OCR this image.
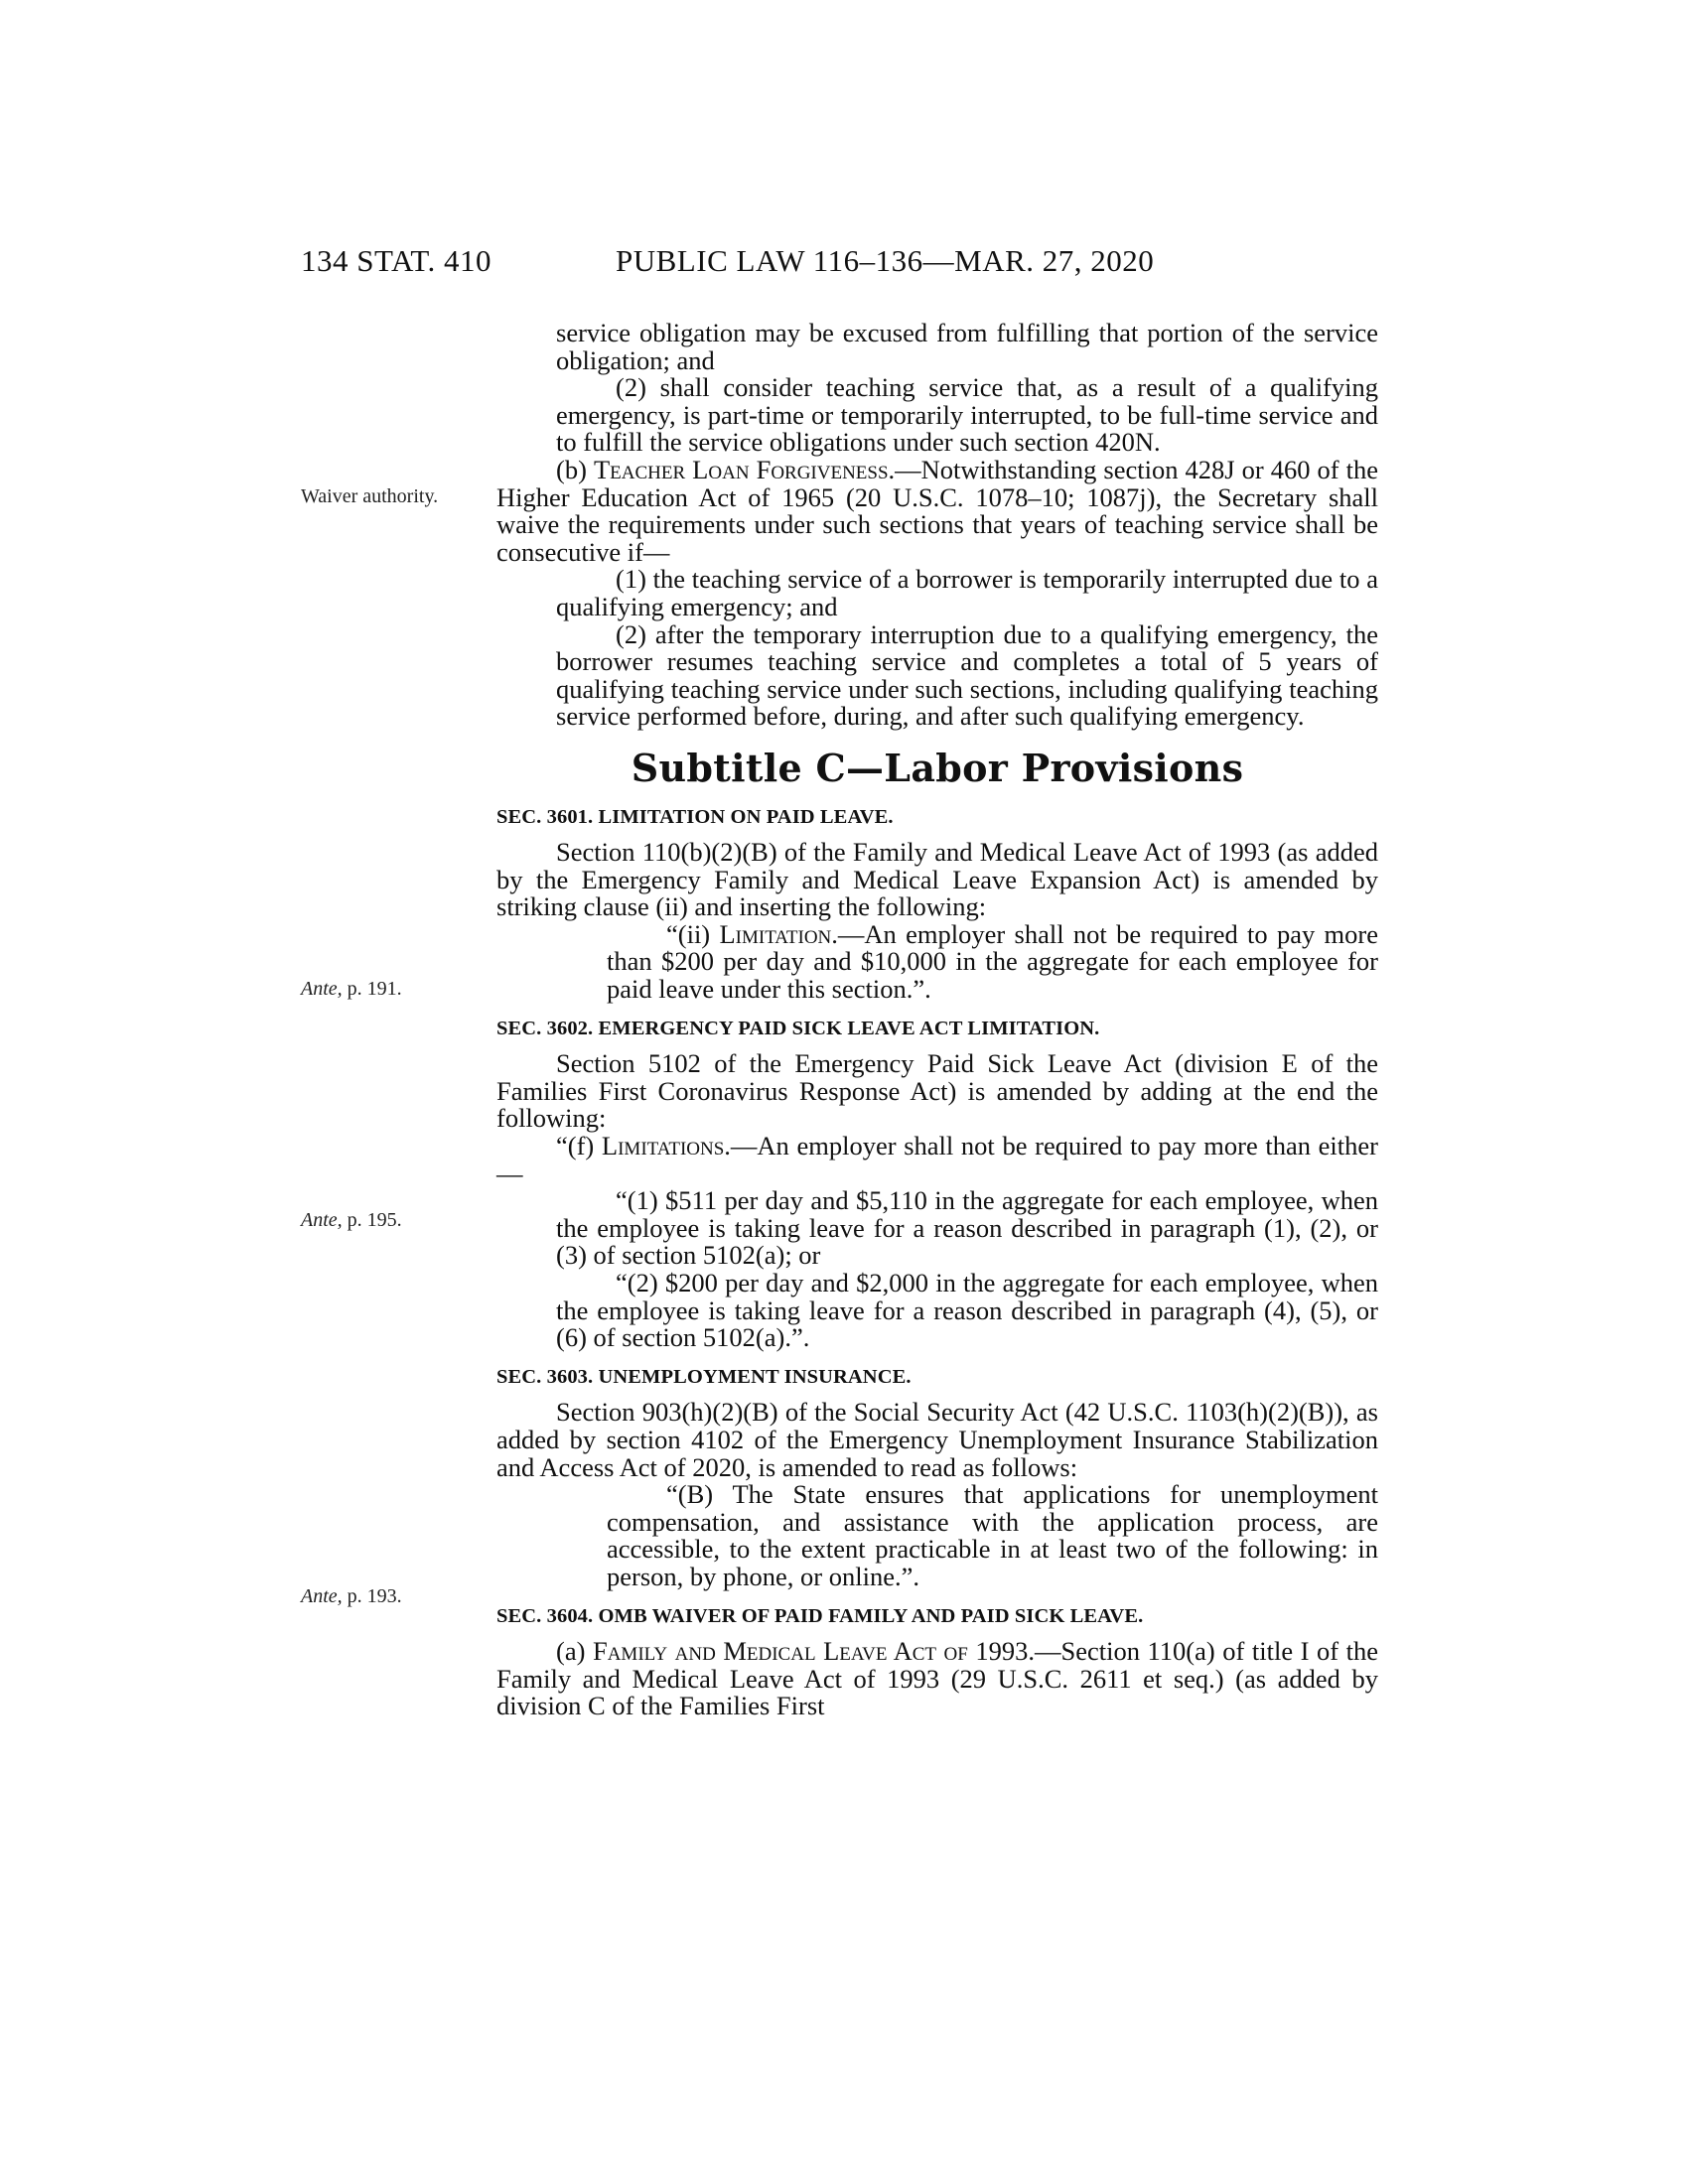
134 STAT. 410	PUBLIC LAW 116–136—MAR. 27, 2020
Waiver authority.
Ante, p. 191.
Ante, p. 195.
Ante, p. 193.

service obligation may be excused from fulfilling that portion of the service obligation; and

(2) shall consider teaching service that, as a result of a qualifying emergency, is part-time or temporarily interrupted, to be full-time service and to fulfill the service obligations under such section 420N.

(b) Teacher Loan Forgiveness.—Notwithstanding section 428J or 460 of the Higher Education Act of 1965 (20 U.S.C. 1078–10; 1087j), the Secretary shall waive the requirements under such sections that years of teaching service shall be consecutive if—

(1) the teaching service of a borrower is temporarily interrupted due to a qualifying emergency; and

(2) after the temporary interruption due to a qualifying emergency, the borrower resumes teaching service and completes a total of 5 years of qualifying teaching service under such sections, including qualifying teaching service performed before, during, and after such qualifying emergency.

Subtitle C—Labor Provisions
SEC. 3601. LIMITATION ON PAID LEAVE.

Section 110(b)(2)(B) of the Family and Medical Leave Act of 1993 (as added by the Emergency Family and Medical Leave Expansion Act) is amended by striking clause (ii) and inserting the following:

“(ii) Limitation.—An employer shall not be required to pay more than $200 per day and $10,000 in the aggregate for each employee for paid leave under this section.”.

SEC. 3602. EMERGENCY PAID SICK LEAVE ACT LIMITATION.

Section 5102 of the Emergency Paid Sick Leave Act (division E of the Families First Coronavirus Response Act) is amended by adding at the end the following:

“(f) Limitations.—An employer shall not be required to pay more than either—

“(1) $511 per day and $5,110 in the aggregate for each employee, when the employee is taking leave for a reason described in paragraph (1), (2), or (3) of section 5102(a); or

“(2) $200 per day and $2,000 in the aggregate for each employee, when the employee is taking leave for a reason described in paragraph (4), (5), or (6) of section 5102(a).”.

SEC. 3603. UNEMPLOYMENT INSURANCE.

Section 903(h)(2)(B) of the Social Security Act (42 U.S.C. 1103(h)(2)(B)), as added by section 4102 of the Emergency Unemployment Insurance Stabilization and Access Act of 2020, is amended to read as follows:

“(B) The State ensures that applications for unemployment compensation, and assistance with the application process, are accessible, to the extent practicable in at least two of the following: in person, by phone, or online.”.

SEC. 3604. OMB WAIVER OF PAID FAMILY AND PAID SICK LEAVE.

(a) Family and Medical Leave Act of 1993.—Section 110(a) of title I of the Family and Medical Leave Act of 1993 (29 U.S.C. 2611 et seq.) (as added by division C of the Families First
